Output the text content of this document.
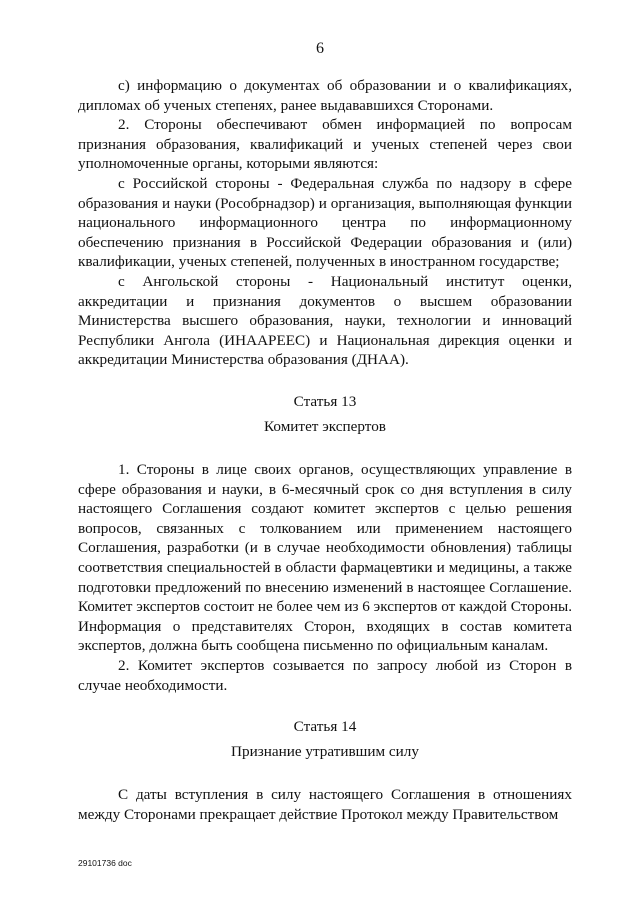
6

с) информацию о документах об образовании и о квалификациях, дипломах об ученых степенях, ранее выдававшихся Сторонами.

2. Стороны обеспечивают обмен информацией по вопросам признания образования, квалификаций и ученых степеней через свои уполномоченные органы, которыми являются:

с Российской стороны - Федеральная служба по надзору в сфере образования и науки (Рособрнадзор) и организация, выполняющая функции национального информационного центра по информационному обеспечению признания в Российской Федерации образования и (или) квалификации, ученых степеней, полученных в иностранном государстве;

с Ангольской стороны - Национальный институт оценки, аккредитации и признания документов о высшем образовании Министерства высшего образования, науки, технологии и инноваций Республики Ангола (ИНААРЕЕС) и Национальная дирекция оценки и аккредитации Министерства образования (ДНАА).

Статья 13
Комитет экспертов

1. Стороны в лице своих органов, осуществляющих управление в сфере образования и науки, в 6-месячный срок со дня вступления в силу настоящего Соглашения создают комитет экспертов с целью решения вопросов, связанных с толкованием или применением настоящего Соглашения, разработки (и в случае необходимости обновления) таблицы соответствия специальностей в области фармацевтики и медицины, а также подготовки предложений по внесению изменений в настоящее Соглашение. Комитет экспертов состоит не более чем из 6 экспертов от каждой Стороны. Информация о представителях Сторон, входящих в состав комитета экспертов, должна быть сообщена письменно по официальным каналам.

2. Комитет экспертов созывается по запросу любой из Сторон в случае необходимости.

Статья 14
Признание утратившим силу

С даты вступления в силу настоящего Соглашения в отношениях между Сторонами прекращает действие Протокол между Правительством

29101736 doc
